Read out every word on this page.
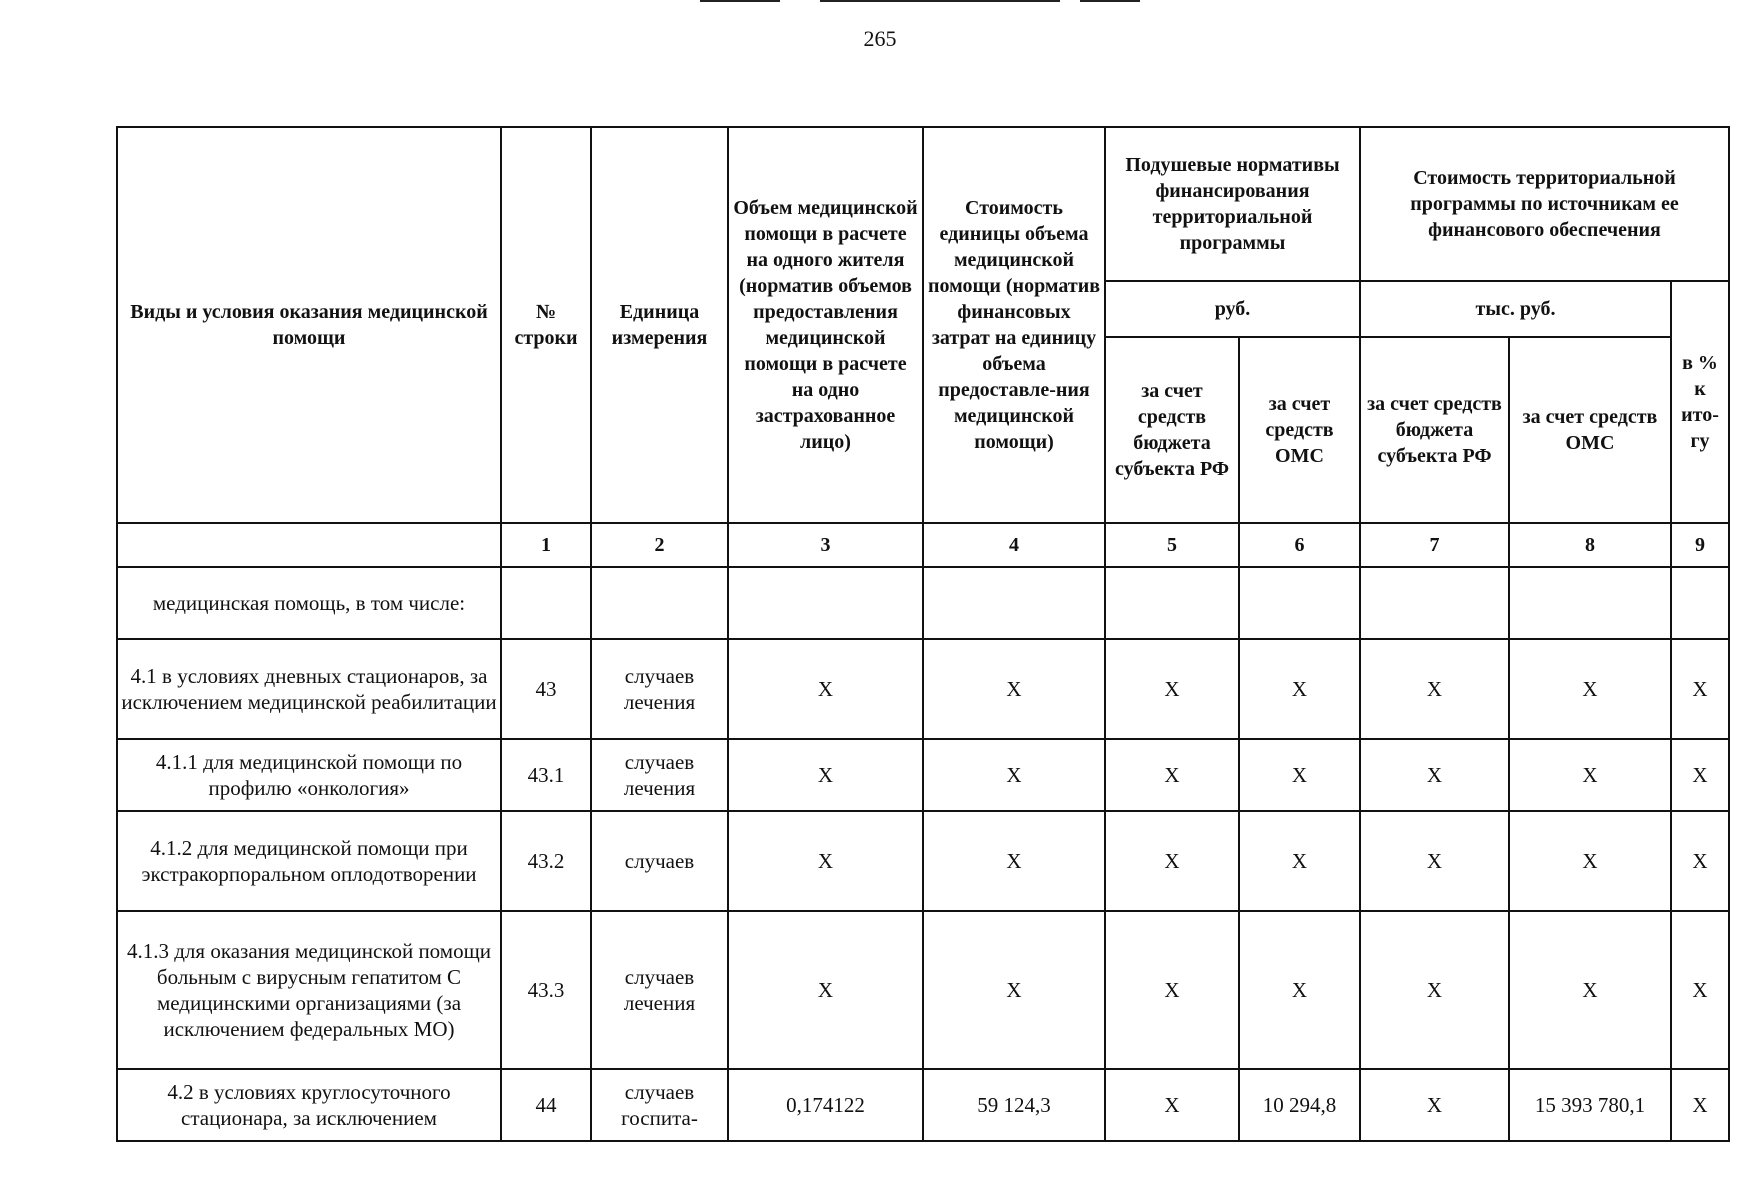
265
Виды и условия оказания медицинской помощи	№ строки	Единица измерения	Объем медицинской помощи в расчете на одного жителя (норматив объемов предоставления медицинской помощи в расчете на одно застрахованное лицо)	Стоимость единицы объема медицинской помощи (норматив финансовых затрат на единицу объема предоставле-ния медицинской помощи)	Подушевые нормативы финансирования территориальной программы		Стоимость территориальной программы по источникам ее финансового обеспечения		
					руб.		тыс. руб.		в % к ито-гу
					за счет средств бюджета субъекта РФ	за счет средств ОМС	за счет средств бюджета субъекта РФ	за счет средств ОМС	
	1	2	3	4	5	6	7	8	9
медицинская помощь, в том числе:									
4.1 в условиях дневных стационаров, за исключением медицинской реабилитации	43	случаев лечения	X	X	X	X	X	X	X
4.1.1 для медицинской помощи по профилю «онкология»	43.1	случаев лечения	X	X	X	X	X	X	X
4.1.2 для медицинской помощи при экстракорпоральном оплодотворении	43.2	случаев	X	X	X	X	X	X	X
4.1.3 для оказания медицинской помощи больным с вирусным гепатитом С медицинскими организациями (за исключением федеральных МО)	43.3	случаев лечения	X	X	X	X	X	X	X
4.2 в условиях круглосуточного стационара, за исключением	44	случаев госпита-	0,174122	59 124,3	X	10 294,8	X	15 393 780,1	X
